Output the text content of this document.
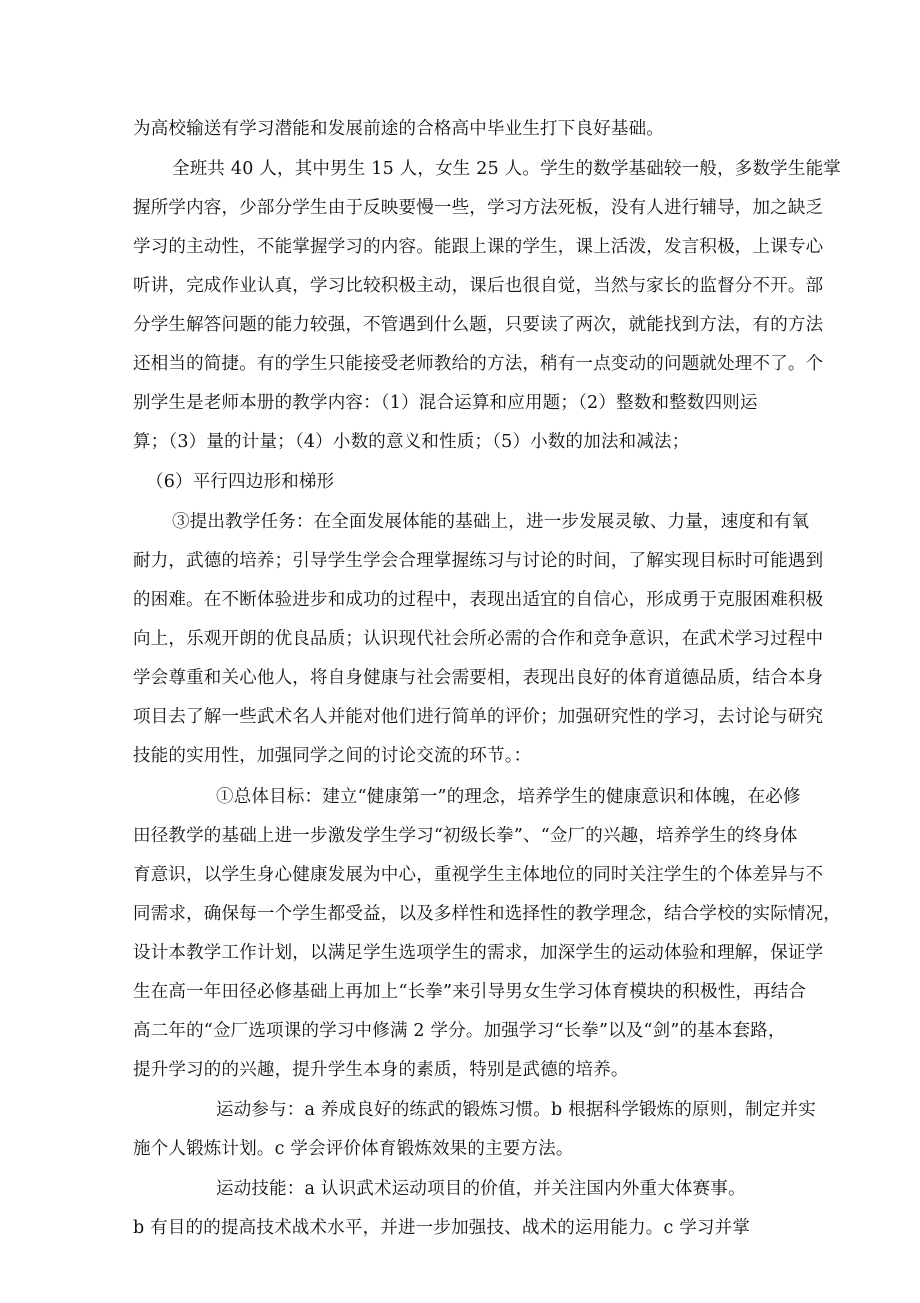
为高校输送有学习潜能和发展前途的合格高中毕业生打下良好基础。

全班共 40 人，其中男生 15 人，女生 25 人。学生的数学基础较一般，多数学生能掌

握所学内容，少部分学生由于反映要慢一些，学习方法死板，没有人进行辅导，加之缺乏

学习的主动性，不能掌握学习的内容。能跟上课的学生，课上活泼，发言积极，上课专心

听讲，完成作业认真，学习比较积极主动，课后也很自觉，当然与家长的监督分不开。部

分学生解答问题的能力较强，不管遇到什么题，只要读了两次，就能找到方法，有的方法

还相当的简捷。有的学生只能接受老师教给的方法，稍有一点变动的问题就处理不了。个

别学生是老师本册的教学内容：（1）混合运算和应用题；（2）整数和整数四则运

算；（3）量的计量；（4）小数的意义和性质；（5）小数的加法和减法；

（6）平行四边形和梯形

③提出教学任务：在全面发展体能的基础上，进一步发展灵敏、力量，速度和有氧

耐力，武德的培养；引导学生学会合理掌握练习与讨论的时间，了解实现目标时可能遇到

的困难。在不断体验进步和成功的过程中，表现出适宜的自信心，形成勇于克服困难积极

向上，乐观开朗的优良品质；认识现代社会所必需的合作和竞争意识，在武术学习过程中

学会尊重和关心他人，将自身健康与社会需要相，表现出良好的体育道德品质，结合本身

项目去了解一些武术名人并能对他们进行简单的评价；加强研究性的学习，去讨论与研究

技能的实用性，加强同学之间的讨论交流的环节。：

①总体目标：建立“健康第一”的理念，培养学生的健康意识和体魄，在必修

田径教学的基础上进一步激发学生学习“初级长拳”、“佥厂的兴趣，培养学生的终身体

育意识，以学生身心健康发展为中心，重视学生主体地位的同时关注学生的个体差异与不

同需求，确保每一个学生都受益，以及多样性和选择性的教学理念，结合学校的实际情况，

设计本教学工作计划，以满足学生选项学生的需求，加深学生的运动体验和理解，保证学

生在高一年田径必修基础上再加上“长拳”来引导男女生学习体育模块的积极性，再结合

高二年的“佥厂选项课的学习中修满 2 学分。加强学习“长拳”以及“剑”的基本套路，

提升学习的的兴趣，提升学生本身的素质，特别是武德的培养。

运动参与：a 养成良好的练武的锻炼习惯。b 根据科学锻炼的原则，制定并实

施个人锻炼计划。c 学会评价体育锻炼效果的主要方法。

运动技能：a 认识武术运动项目的价值，并关注国内外重大体赛事。

b 有目的的提高技术战术水平，并进一步加强技、战术的运用能力。c 学习并掌
